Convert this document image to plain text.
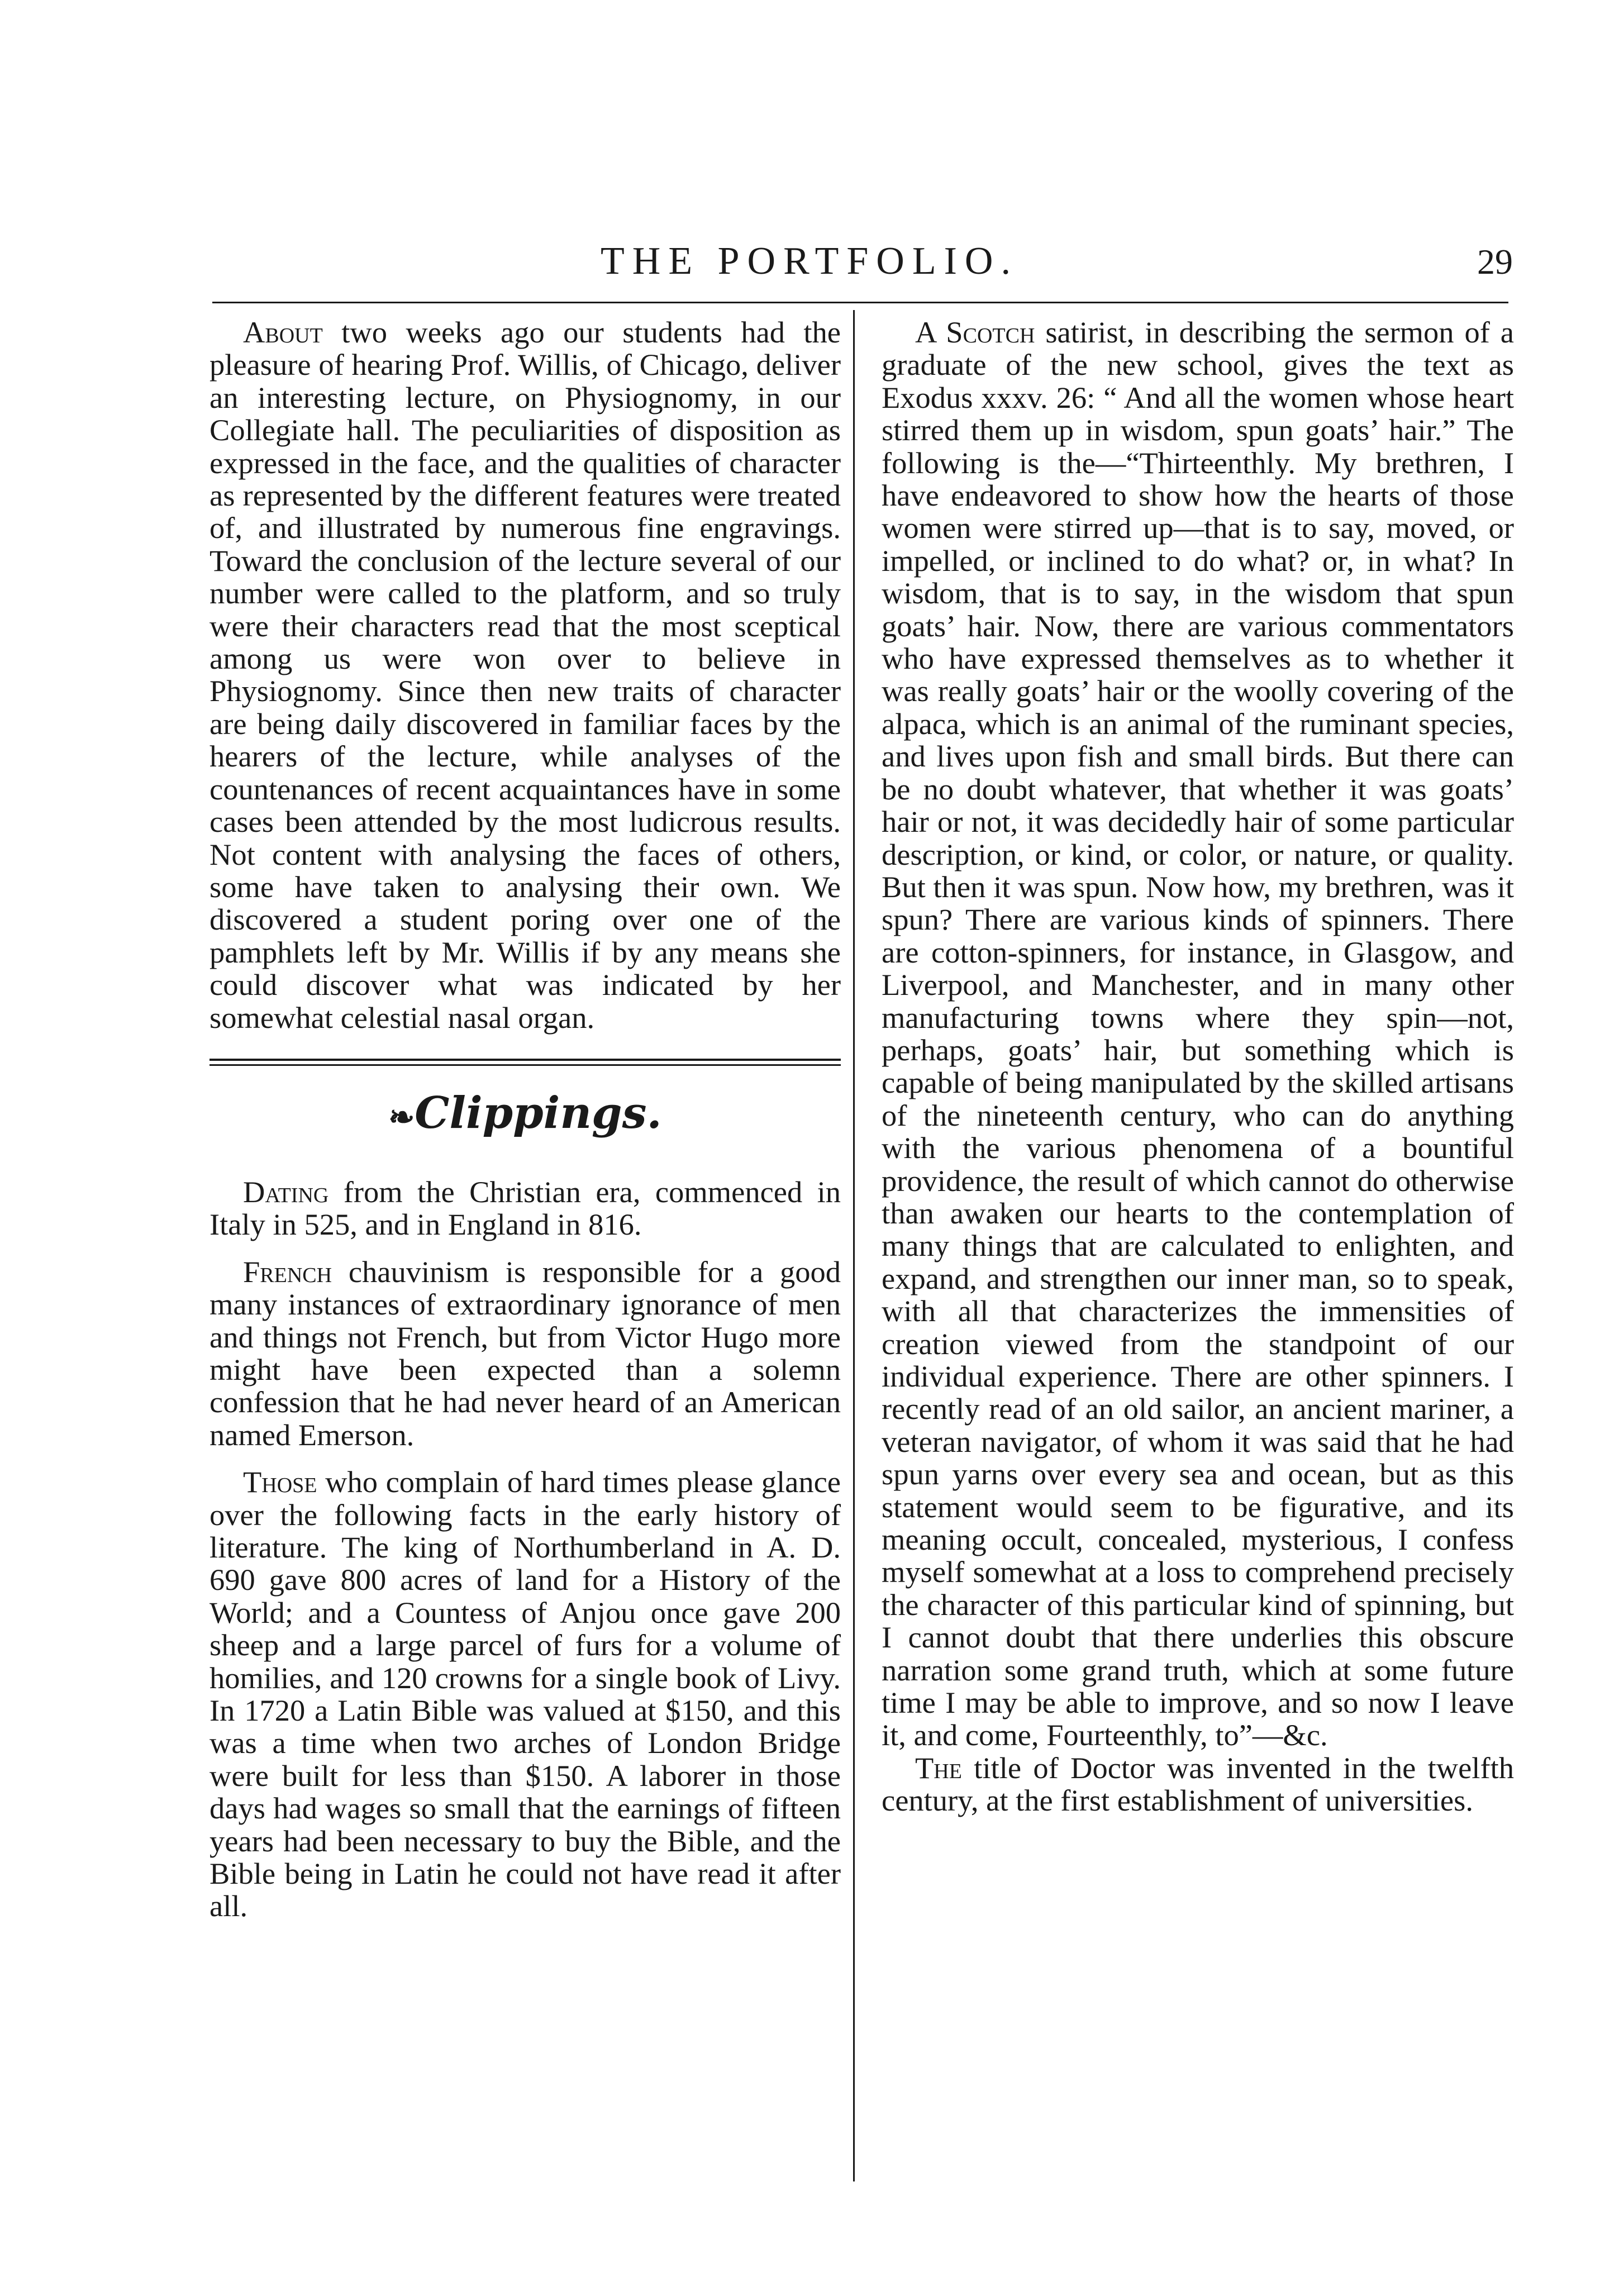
THE PORTFOLIO.	29

About two weeks ago our students had the pleasure of hearing Prof. Willis, of Chicago, deliver an interesting lecture, on Physiognomy, in our Collegiate hall. The peculiarities of disposition as expressed in the face, and the qualities of character as represented by the different features were treated of, and illustrated by numerous fine engravings. Toward the conclusion of the lecture several of our number were called to the platform, and so truly were their characters read that the most sceptical among us were won over to believe in Physiognomy. Since then new traits of character are being daily discovered in familiar faces by the hearers of the lecture, while analyses of the countenances of recent acquaintances have in some cases been attended by the most ludicrous results. Not content with analysing the faces of others, some have taken to analysing their own. We discovered a student poring over one of the pamphlets left by Mr. Willis if by any means she could discover what was indicated by her somewhat celestial nasal organ.

❧Clippings.

Dating from the Christian era, commenced in Italy in 525, and in England in 816.

French chauvinism is responsible for a good many instances of extraordinary ignorance of men and things not French, but from Victor Hugo more might have been expected than a solemn confession that he had never heard of an American named Emerson.

Those who complain of hard times please glance over the following facts in the early history of literature. The king of Northumberland in A. D. 690 gave 800 acres of land for a History of the World; and a Countess of Anjou once gave 200 sheep and a large parcel of furs for a volume of homilies, and 120 crowns for a single book of Livy. In 1720 a Latin Bible was valued at $150, and this was a time when two arches of London Bridge were built for less than $150. A laborer in those days had wages so small that the earnings of fifteen years had been necessary to buy the Bible, and the Bible being in Latin he could not have read it after all.

A Scotch satirist, in describing the sermon of a graduate of the new school, gives the text as Exodus xxxv. 26: “ And all the women whose heart stirred them up in wisdom, spun goats’ hair.” The following is the—“Thirteenthly. My brethren, I have endeavored to show how the hearts of those women were stirred up—that is to say, moved, or impelled, or inclined to do what? or, in what? In wisdom, that is to say, in the wisdom that spun goats’ hair. Now, there are various commentators who have expressed themselves as to whether it was really goats’ hair or the woolly covering of the alpaca, which is an animal of the ruminant species, and lives upon fish and small birds. But there can be no doubt whatever, that whether it was goats’ hair or not, it was decidedly hair of some particular description, or kind, or color, or nature, or quality. But then it was spun. Now how, my brethren, was it spun? There are various kinds of spinners. There are cotton-spinners, for instance, in Glasgow, and Liverpool, and Manchester, and in many other manufacturing towns where they spin—not, perhaps, goats’ hair, but something which is capable of being manipulated by the skilled artisans of the nineteenth century, who can do anything with the various phenomena of a bountiful providence, the result of which cannot do otherwise than awaken our hearts to the contemplation of many things that are calculated to enlighten, and expand, and strengthen our inner man, so to speak, with all that characterizes the immensities of creation viewed from the standpoint of our individual experience. There are other spinners. I recently read of an old sailor, an ancient mariner, a veteran navigator, of whom it was said that he had spun yarns over every sea and ocean, but as this statement would seem to be figurative, and its meaning occult, concealed, mysterious, I confess myself somewhat at a loss to comprehend precisely the character of this particular kind of spinning, but I cannot doubt that there underlies this obscure narration some grand truth, which at some future time I may be able to improve, and so now I leave it, and come, Fourteenthly, to”—&c.

The title of Doctor was invented in the twelfth century, at the first establishment of universities.
